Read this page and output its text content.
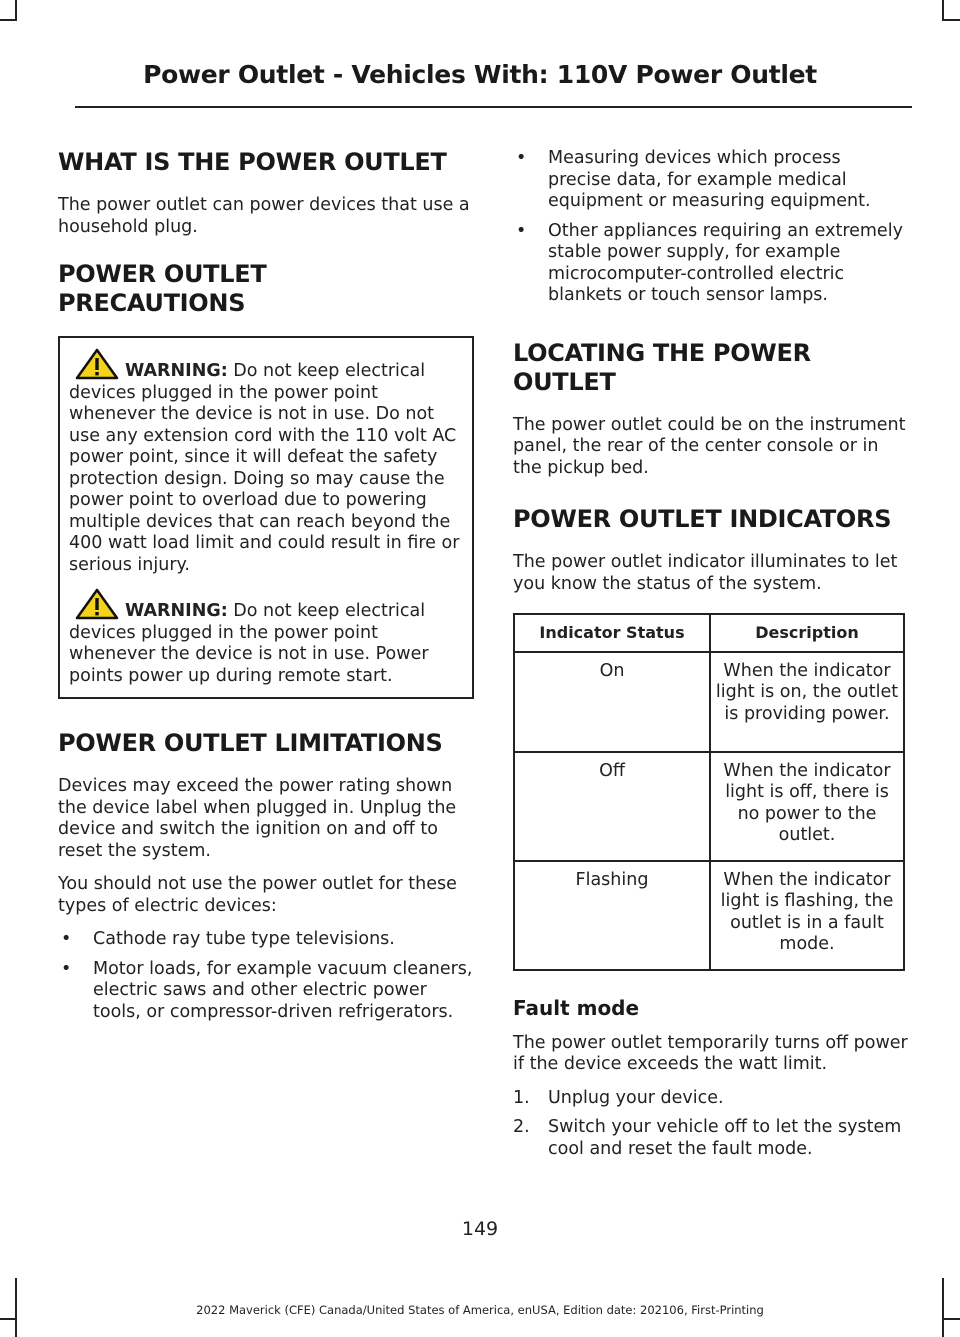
Power Outlet - Vehicles With: 110V Power Outlet
WHAT IS THE POWER OUTLET

The power outlet can power devices that use a household plug.

POWER OUTLET
PRECAUTIONS

WARNING: Do not keep electrical devices plugged in the power point whenever the device is not in use. Do not use any extension cord with the 110 volt AC power point, since it will defeat the safety protection design. Doing so may cause the power point to overload due to powering multiple devices that can reach beyond the 400 watt load limit and could result in fire or serious injury.

WARNING: Do not keep electrical devices plugged in the power point whenever the device is not in use. Power points power up during remote start.

POWER OUTLET LIMITATIONS

Devices may exceed the power rating shown the device label when plugged in. Unplug the device and switch the ignition on and off to reset the system.

You should not use the power outlet for these types of electric devices:

• Cathode ray tube type televisions.
• Motor loads, for example vacuum cleaners, electric saws and other electric power tools, or compressor-driven refrigerators.
• Measuring devices which process precise data, for example medical equipment or measuring equipment.
• Other appliances requiring an extremely stable power supply, for example microcomputer-controlled electric blankets or touch sensor lamps.
LOCATING THE POWER
OUTLET

The power outlet could be on the instrument panel, the rear of the center console or in the pickup bed.

POWER OUTLET INDICATORS

The power outlet indicator illuminates to let you know the status of the system.

Indicator Status	Description
On	When the indicator light is on, the outlet is providing power.
Off	When the indicator light is off, there is no power to the outlet.
Flashing	When the indicator light is flashing, the outlet is in a fault mode.
Fault mode

The power outlet temporarily turns off power if the device exceeds the watt limit.

1. Unplug your device.
2. Switch your vehicle off to let the system cool and reset the fault mode.
149
2022 Maverick (CFE) Canada/United States of America, enUSA, Edition date: 202106, First-Printing
